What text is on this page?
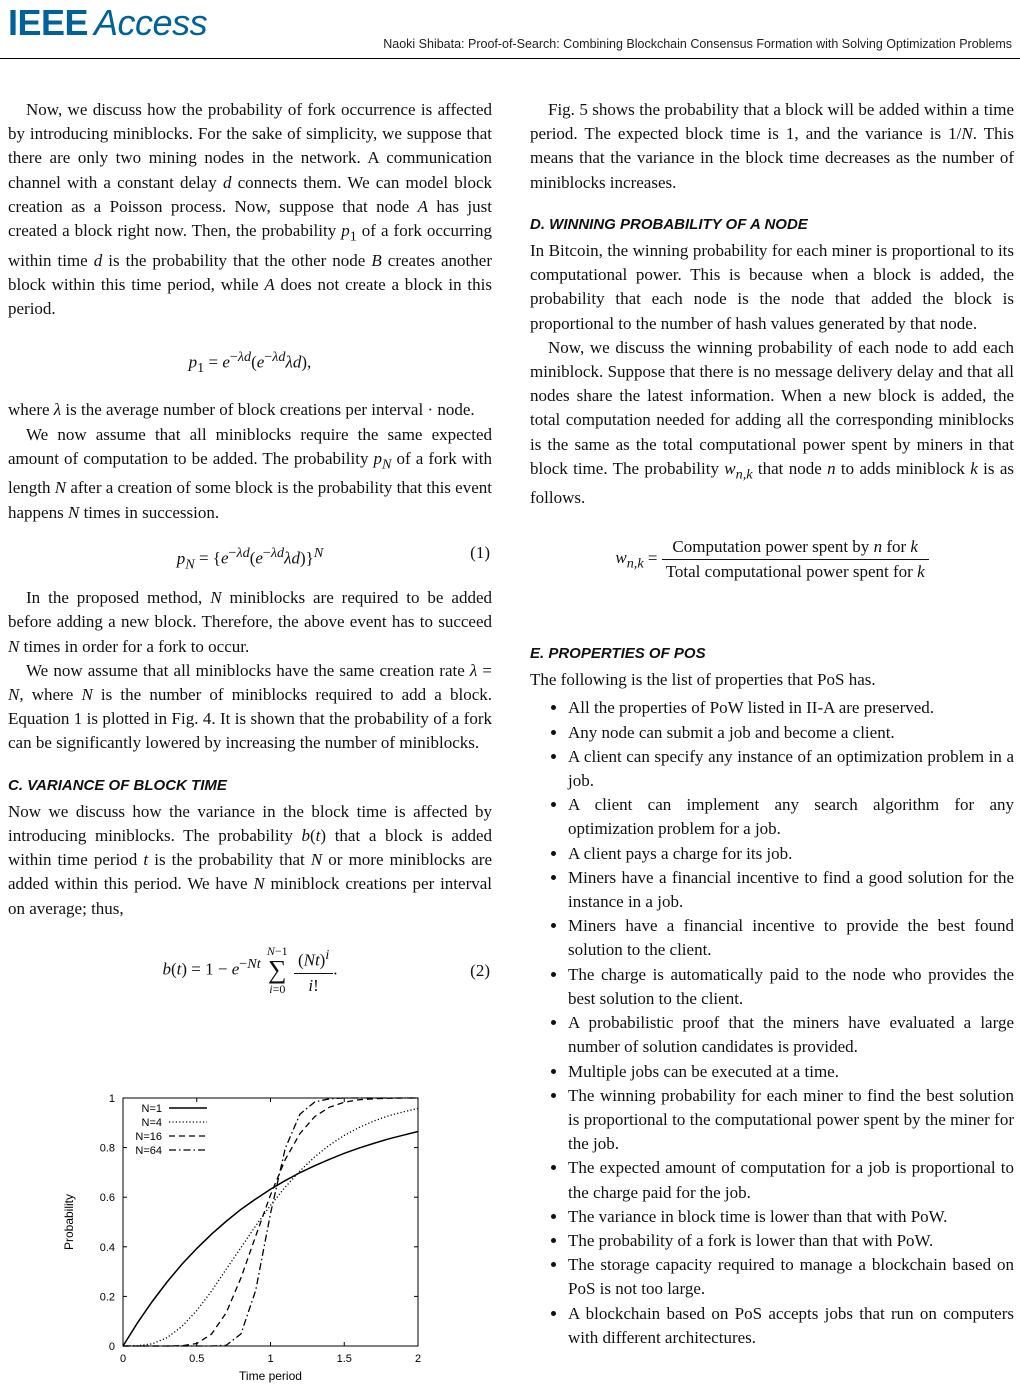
IEEE Access
Naoki Shibata: Proof-of-Search: Combining Blockchain Consensus Formation with Solving Optimization Problems

Now, we discuss how the probability of fork occurrence is affected by introducing miniblocks. For the sake of simplicity, we suppose that there are only two mining nodes in the network. A communication channel with a constant delay d connects them. We can model block creation as a Poisson process. Now, suppose that node A has just created a block right now. Then, the probability $p_1$ of a fork occurring within time d is the probability that the other node B creates another block within this time period, while A does not create a block in this period.

$p_1 = e^{-\lambda d}(e^{-\lambda d}\lambda d)$,

where λ is the average number of block creations per interval · node.

We now assume that all miniblocks require the same expected amount of computation to be added. The probability $p_N$ of a fork with length N after a creation of some block is the probability that this event happens N times in succession.

$p_N = \{e^{-\lambda d}(e^{-\lambda d}\lambda d)\}^N$	(1)

In the proposed method, N miniblocks are required to be added before adding a new block. Therefore, the above event has to succeed N times in order for a fork to occur.

We now assume that all miniblocks have the same creation rate λ = N, where N is the number of miniblocks required to add a block. Equation 1 is plotted in Fig. 4. It is shown that the probability of a fork can be significantly lowered by increasing the number of miniblocks.

C. VARIANCE OF BLOCK TIME

Now we discuss how the variance in the block time is affected by introducing miniblocks. The probability b(t) that a block is added within time period t is the probability that N or more miniblocks are added within this period. We have N miniblock creations per interval on average; thus,

$b(t) = 1 - e^{-Nt}$
N−1
∑
i=0
$\frac{(Nt)^i}{i!}$ .	(2)
0	0.5	1	1.5	2
0
0.2
0.4
0.6
0.8
1
Time period
Probability
N=1
N=4
N=16
N=64

Fig. 5 shows the probability that a block will be added within a time period. The expected block time is 1, and the variance is 1/N. This means that the variance in the block time decreases as the number of miniblocks increases.

D. WINNING PROBABILITY OF A NODE

In Bitcoin, the winning probability for each miner is proportional to its computational power. This is because when a block is added, the probability that each node is the node that added the block is proportional to the number of hash values generated by that node.

Now, we discuss the winning probability of each node to add each miniblock. Suppose that there is no message delivery delay and that all nodes share the latest information. When a new block is added, the total computation needed for adding all the corresponding miniblocks is the same as the total computational power spent by miners in that block time. The probability $w_{n,k}$ that node n to adds miniblock k is as follows.

$w_{n,k} = \frac{\text{Computation power spent by n for k}}{\text{Total computational power spent for k}}$
E. PROPERTIES OF POS

The following is the list of properties that PoS has.

• All the properties of PoW listed in II-A are preserved.
• Any node can submit a job and become a client.
• A client can specify any instance of an optimization problem in a job.
• A client can implement any search algorithm for any optimization problem for a job.
• A client pays a charge for its job.
• Miners have a financial incentive to find a good solution for the instance in a job.
• Miners have a financial incentive to provide the best found solution to the client.
• The charge is automatically paid to the node who provides the best solution to the client.
• A probabilistic proof that the miners have evaluated a large number of solution candidates is provided.
• Multiple jobs can be executed at a time.
• The winning probability for each miner to find the best solution is proportional to the computational power spent by the miner for the job.
• The expected amount of computation for a job is proportional to the charge paid for the job.
• The variance in block time is lower than that with PoW.
• The probability of a fork is lower than that with PoW.
• The storage capacity required to manage a blockchain based on PoS is not too large.
• A blockchain based on PoS accepts jobs that run on computers with different architectures.
